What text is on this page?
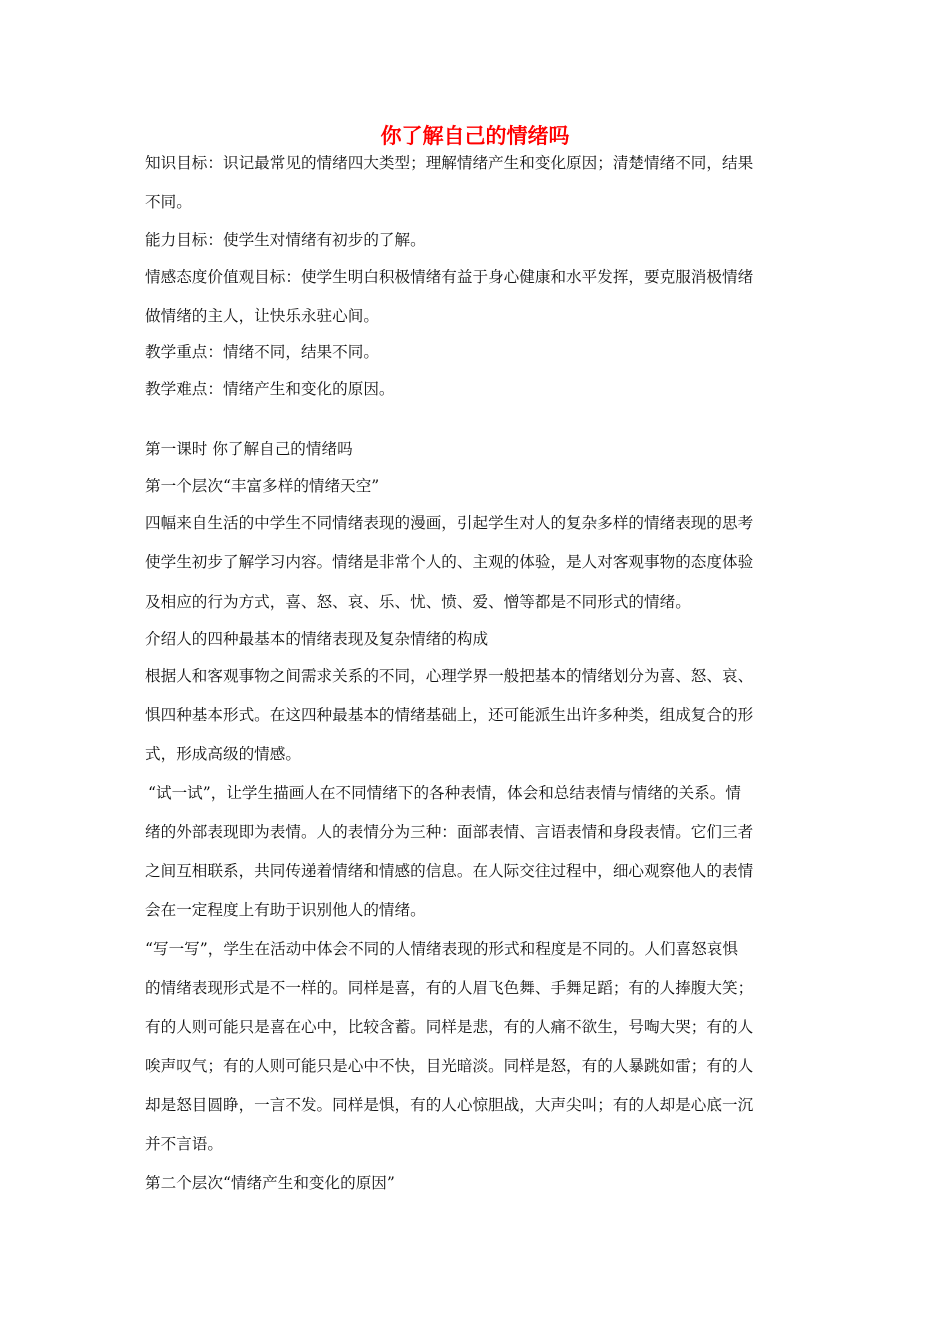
你了解自己的情绪吗
知识目标：识记最常见的情绪四大类型；理解情绪产生和变化原因；清楚情绪不同，结果
不同。
能力目标：使学生对情绪有初步的了解。
情感态度价值观目标：使学生明白积极情绪有益于身心健康和水平发挥，要克服消极情绪
做情绪的主人，让快乐永驻心间。
教学重点：情绪不同，结果不同。
教学难点：情绪产生和变化的原因。
第一课时 你了解自己的情绪吗
第一个层次“丰富多样的情绪天空”
四幅来自生活的中学生不同情绪表现的漫画，引起学生对人的复杂多样的情绪表现的思考
使学生初步了解学习内容。情绪是非常个人的、主观的体验，是人对客观事物的态度体验
及相应的行为方式，喜、怒、哀、乐、忧、愤、爱、憎等都是不同形式的情绪。
介绍人的四种最基本的情绪表现及复杂情绪的构成
根据人和客观事物之间需求关系的不同，心理学界一般把基本的情绪划分为喜、怒、哀、
惧四种基本形式。在这四种最基本的情绪基础上，还可能派生出许多种类，组成复合的形
式，形成高级的情感。
“试一试”，让学生描画人在不同情绪下的各种表情，体会和总结表情与情绪的关系。情
绪的外部表现即为表情。人的表情分为三种：面部表情、言语表情和身段表情。它们三者
之间互相联系，共同传递着情绪和情感的信息。在人际交往过程中，细心观察他人的表情
会在一定程度上有助于识别他人的情绪。
“写一写”，学生在活动中体会不同的人情绪表现的形式和程度是不同的。人们喜怒哀惧
的情绪表现形式是不一样的。同样是喜，有的人眉飞色舞、手舞足蹈；有的人捧腹大笑；
有的人则可能只是喜在心中，比较含蓄。同样是悲，有的人痛不欲生，号啕大哭；有的人
唉声叹气；有的人则可能只是心中不快，目光暗淡。同样是怒，有的人暴跳如雷；有的人
却是怒目圆睁，一言不发。同样是惧，有的人心惊胆战，大声尖叫；有的人却是心底一沉
并不言语。
第二个层次“情绪产生和变化的原因”
